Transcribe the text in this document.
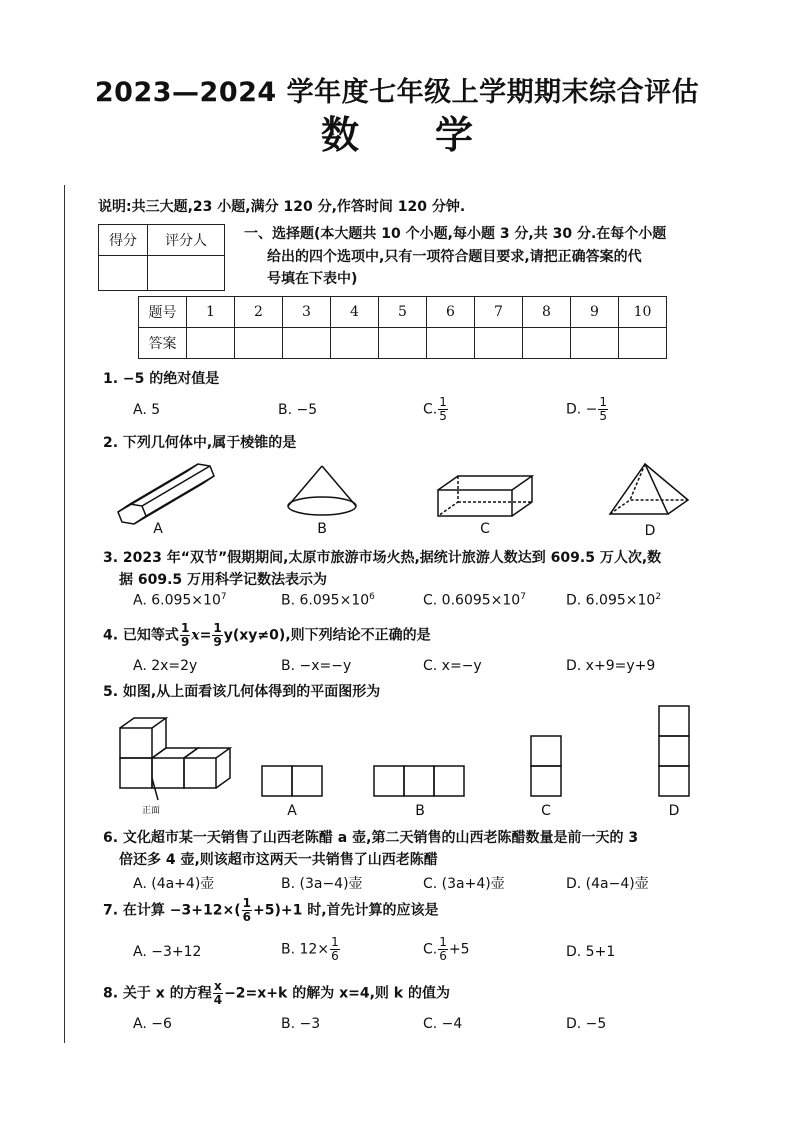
2023—2024 学年度七年级上学期期末综合评估
数 学
说明:共三大题,23 小题,满分 120 分,作答时间 120 分钟.
得分	评分人
		一、选择题(本大题共 10 个小题,每小题 3 分,共 30 分.在每个小题
给出的四个选项中,只有一项符合题目要求,请把正确答案的代
号填在下表中)
题号	1	2	3	4	5	6	7	8	9	10
答案										
1. −5 的绝对值是
A. 5	B. −5	C. $\frac{1}{5}$	D. − $\frac{1}{5}$
2. 下列几何体中,属于棱锥的是
A	B	C	D
3. 2023 年“双节”假期期间,太原市旅游市场火热,据统计旅游人数达到 609.5 万人次,数
据 609.5 万用科学记数法表示为
A. $6.095\times 10^7$	B. $6.095\times 10^6$	C. $0.6095\times 10^7$	D. $6.095\times 10^2$
4. 已知等式 $\frac{1}{9} x= \frac{1}{9} y(xy\ne 0)$,则下列结论不正确的是
A. 2x=2y	B. −x=−y	C. x=−y	D. x+9=y+9
5. 如图,从上面看该几何体得到的平面图形为
正面	A	B	C	D
6. 文化超市某一天销售了山西老陈醋 a 壶,第二天销售的山西老陈醋数量是前一天的 3
倍还多 4 壶,则该超市这两天一共销售了山西老陈醋
A. (4a+4)壶	B. (3a−4)壶	C. (3a+4)壶	D. (4a−4)壶
7. 在计算 $-3+12\times( \frac{1}{6} +5)+1$ 时,首先计算的应该是
A. −3+12	B. $12\times \frac{1}{6}$	C. $\frac{1}{6} +5$	D. 5+1
8. 关于 x 的方程 $\frac{x}{4} -2=x+k$ 的解为 x=4,则 k 的值为
A. −6	B. −3	C. −4	D. −5
